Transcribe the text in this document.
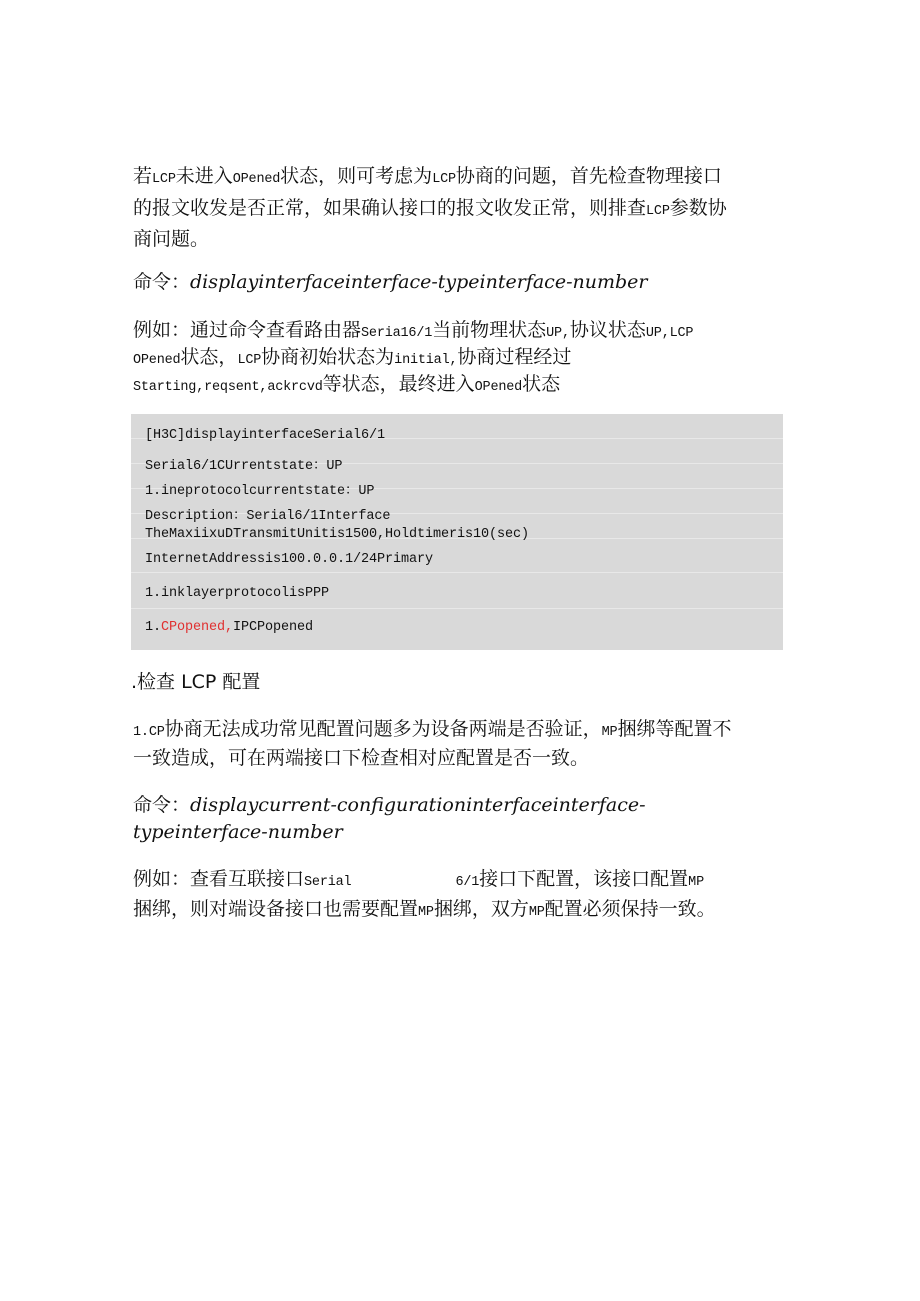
若LCP未进入OPened状态，则可考虑为LCP协商的问题，首先检查物理接口

的报文收发是否正常，如果确认接口的报文收发正常，则排查LCP参数协

商问题。

命令：displayinterfaceinterface-typeinterface-number

例如：通过命令查看路由器Seria16/1当前物理状态UP,协议状态UP,LCP

OPened状态，LCP协商初始状态为initial,协商过程经过

Starting,reqsent,ackrcvd等状态，最终进入OPened状态

[H3C]displayinterfaceSerial6/1
Serial6/1CUrrentstate：UP
1.ineprotocolcurrentstate：UP
Description：Serial6/1Interface
TheMaxiixuDTransmitUnitis1500,Holdtimeris10(sec)
InternetAddressis100.0.0.1/24Primary
1.inklayerprotocolisPPP
1.CPopened,IPCPopened
.检查 LCP 配置

1.CP协商无法成功常见配置问题多为设备两端是否验证，MP捆绑等配置不

一致造成，可在两端接口下检查相对应配置是否一致。

命令：displaycurrent-configurationinterfaceinterface-

typeinterface-number

例如：查看互联接口Serial	6/1接口下配置，该接口配置MP

捆绑，则对端设备接口也需要配置MP捆绑，双方MP配置必须保持一致。
